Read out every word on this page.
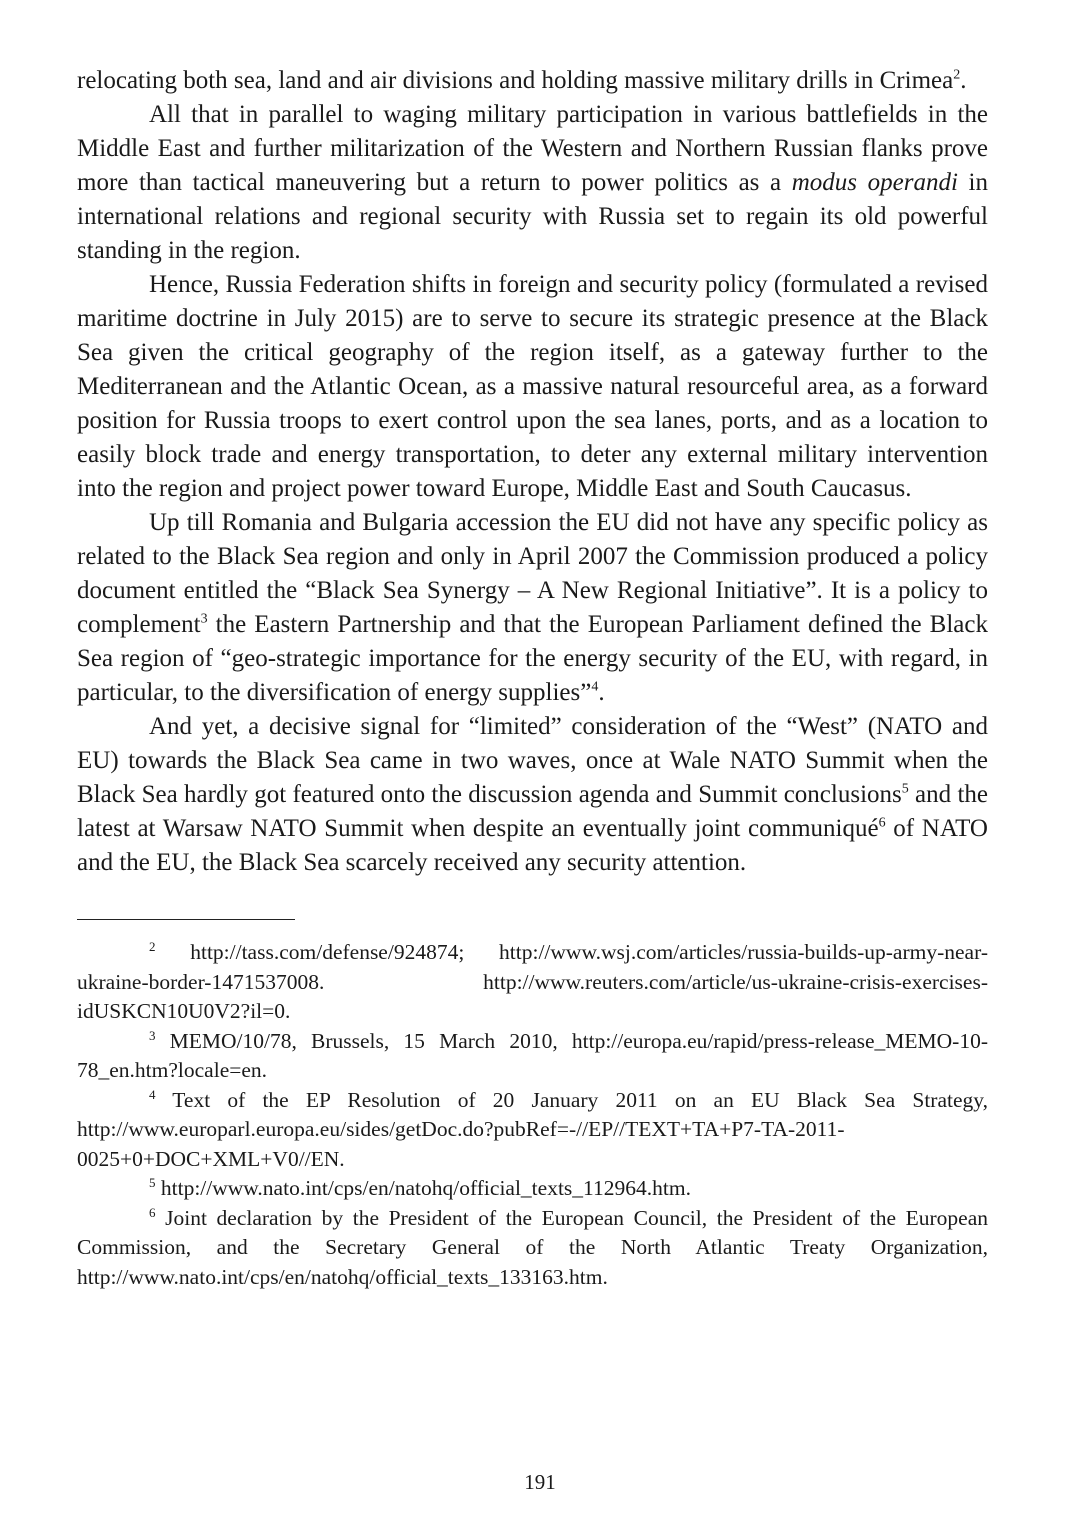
relocating both sea, land and air divisions and holding massive military drills in Crimea$^2$.

All that in parallel to waging military participation in various battlefields in the Middle East and further militarization of the Western and Northern Russian flanks prove more than tactical maneuvering but a return to power politics as a modus operandi in international relations and regional security with Russia set to regain its old powerful standing in the region.

Hence, Russia Federation shifts in foreign and security policy (formulated a revised maritime doctrine in July 2015) are to serve to secure its strategic presence at the Black Sea given the critical geography of the region itself, as a gateway further to the Mediterranean and the Atlantic Ocean, as a massive natural resourceful area, as a forward position for Russia troops to exert control upon the sea lanes, ports, and as a location to easily block trade and energy transportation, to deter any external military intervention into the region and project power toward Europe, Middle East and South Caucasus.

Up till Romania and Bulgaria accession the EU did not have any specific policy as related to the Black Sea region and only in April 2007 the Commission produced a policy document entitled the “Black Sea Synergy – A New Regional Initiative”. It is a policy to complement$^3$ the Eastern Partnership and that the European Parliament defined the Black Sea region of “geo-strategic importance for the energy security of the EU, with regard, in particular, to the diversification of energy supplies”$^4$.

And yet, a decisive signal for “limited” consideration of the “West” (NATO and EU) towards the Black Sea came in two waves, once at Wale NATO Summit when the Black Sea hardly got featured onto the discussion agenda and Summit conclusions$^5$ and the latest at Warsaw NATO Summit when despite an eventually joint communiqué$^6$ of NATO and the EU, the Black Sea scarcely received any security attention.

$^2$ http://tass.com/defense/924874; http://www.wsj.com/articles/russia-builds-up-army-near-ukraine-border-1471537008. http://www.reuters.com/article/us-ukraine-crisis-exercises-idUSKCN10U0V2?il=0.

$^3$ MEMO/10/78, Brussels, 15 March 2010, http://europa.eu/rapid/press-release_MEMO-10-78_en.htm?locale=en.

$^4$ Text of the EP Resolution of 20 January 2011 on an EU Black Sea Strategy, http://www.europarl.europa.eu/sides/getDoc.do?pubRef=-//EP//TEXT+TA+P7-TA-2011-0025+0+DOC+XML+V0//EN.

$^5$ http://www.nato.int/cps/en/natohq/official_texts_112964.htm.

$^6$ Joint declaration by the President of the European Council, the President of the European Commission, and the Secretary General of the North Atlantic Treaty Organization, http://www.nato.int/cps/en/natohq/official_texts_133163.htm.

191
